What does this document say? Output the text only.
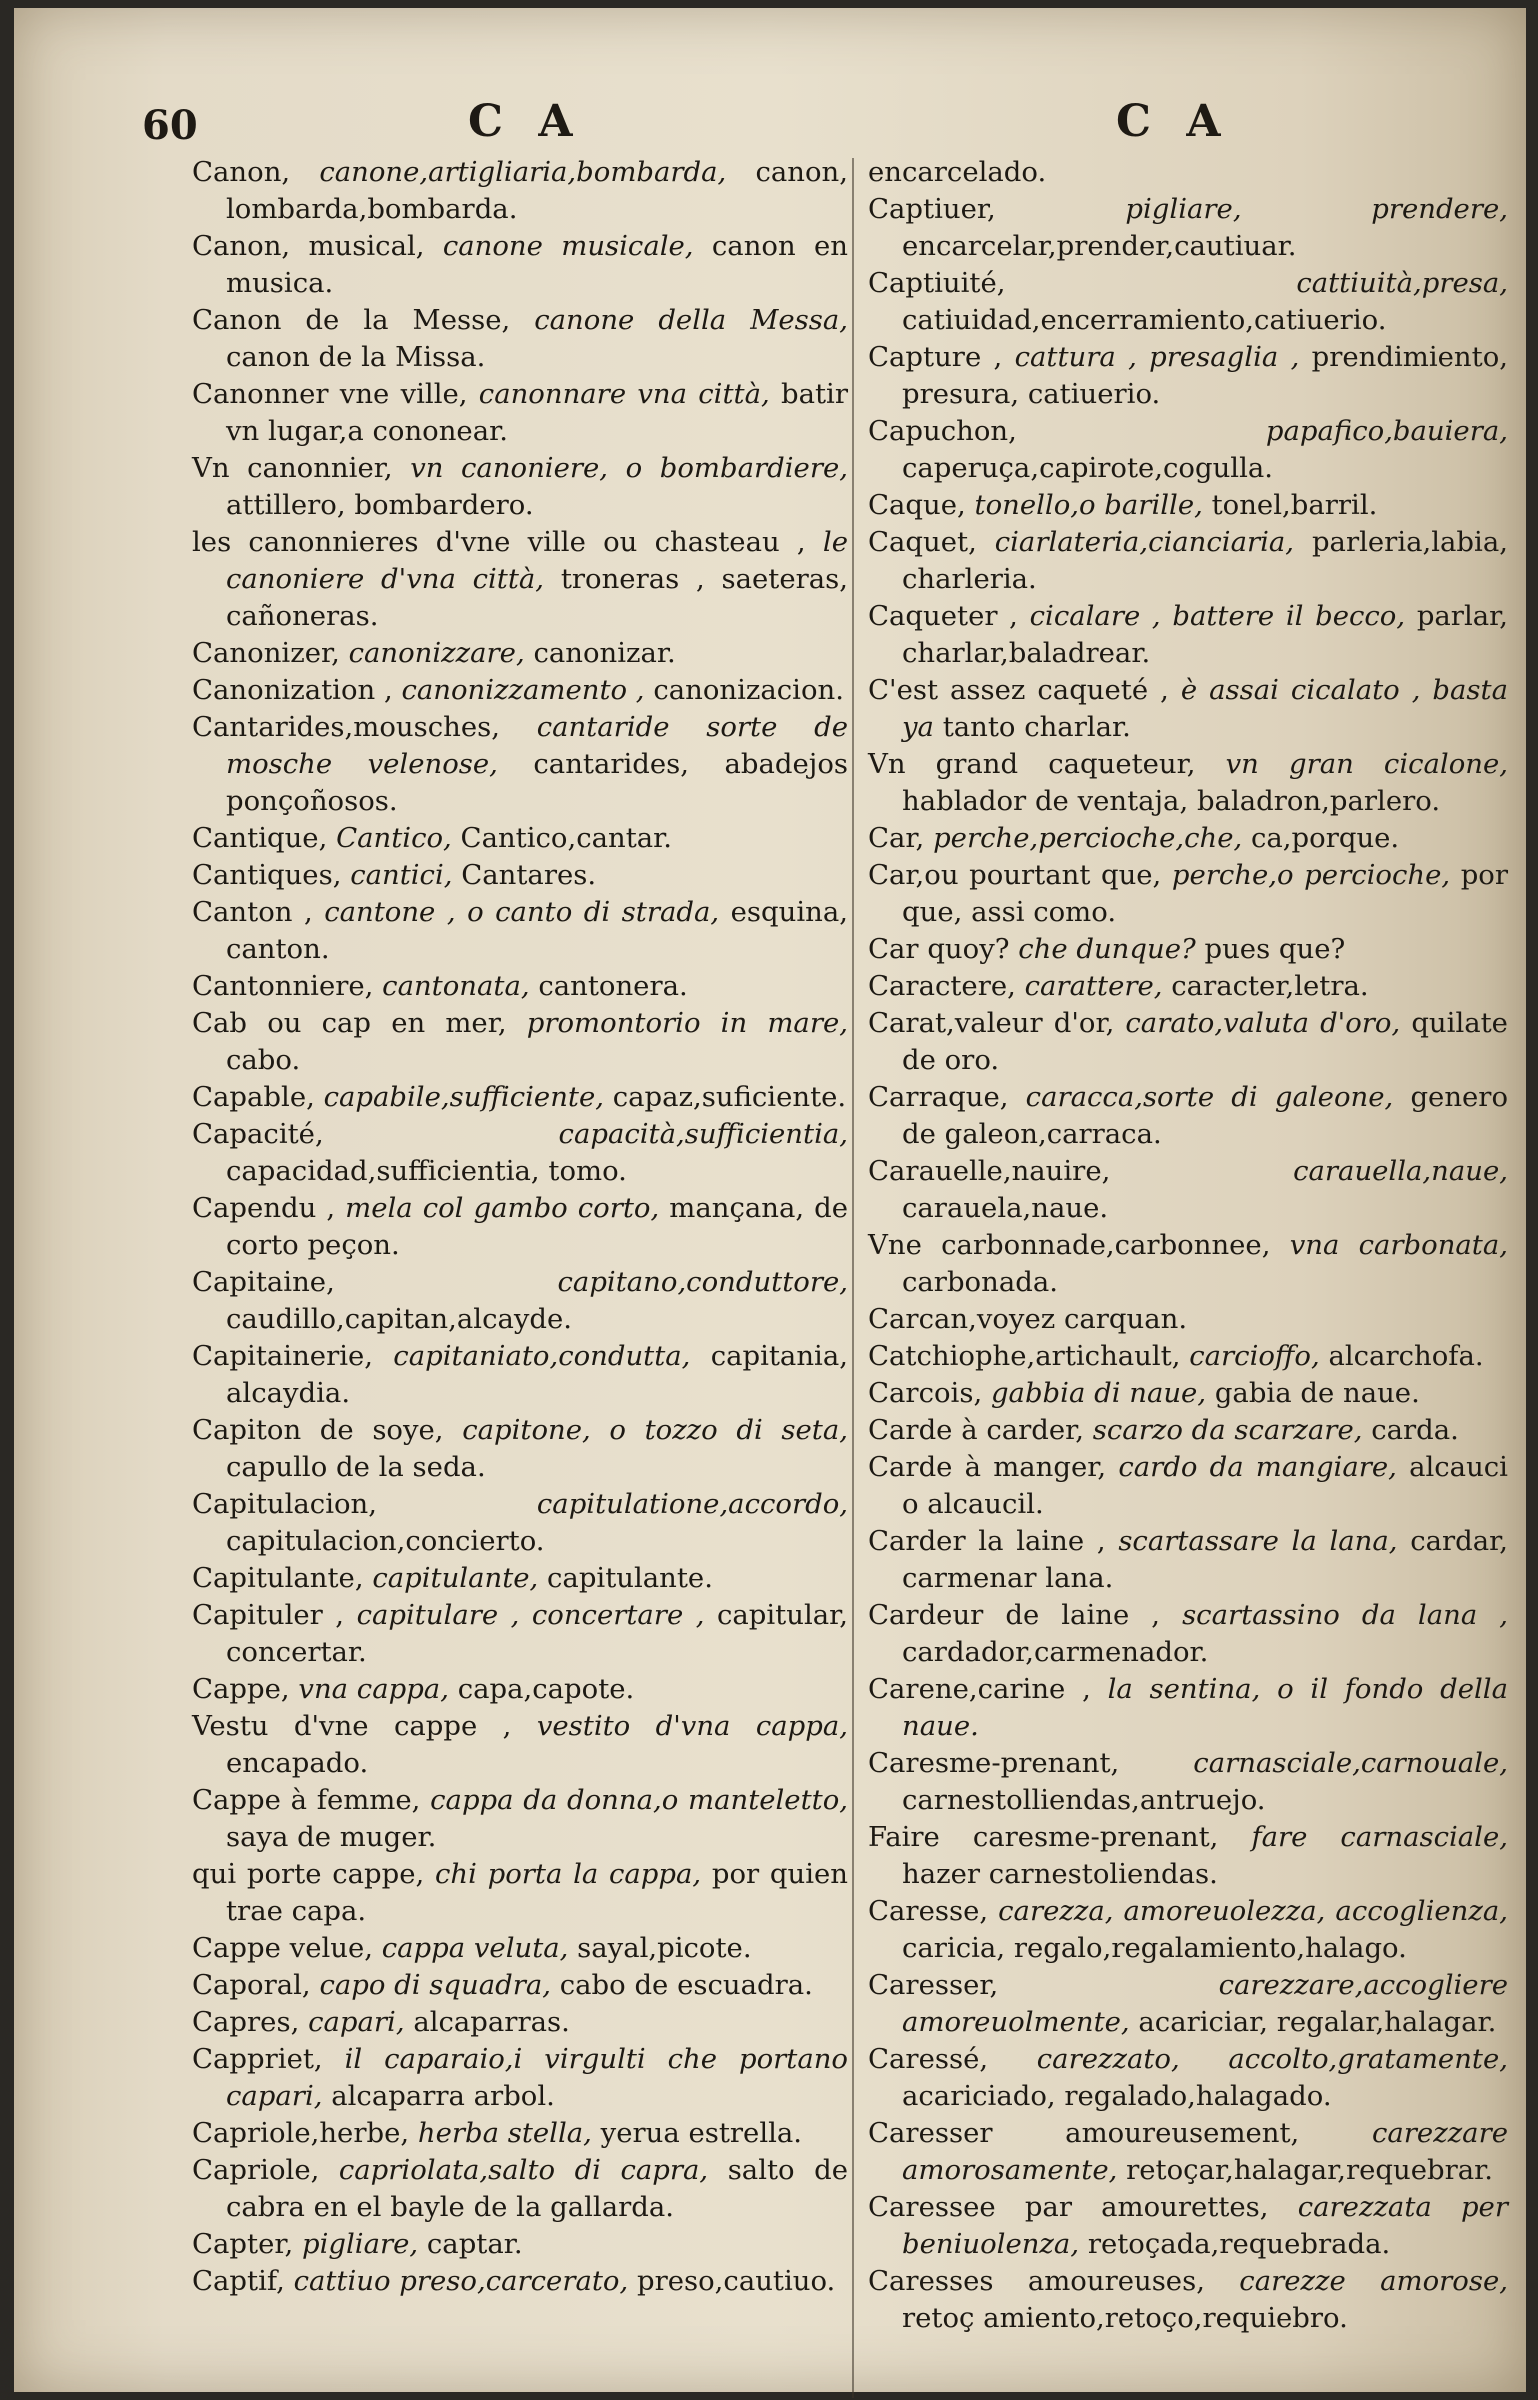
60	C A	C A
Canon, canone,artigliaria,bombarda, canon, lombarda,bombarda.
Canon, musical, canone musicale, canon en musica.
Canon de la Messe, canone della Messa, canon de la Missa.
Canonner vne ville, canonnare vna città, batir vn lugar,a cononear.
Vn canonnier, vn canoniere, o bombardiere, attillero, bombardero.
les canonnieres d'vne ville ou chasteau , le canoniere d'vna città, troneras , saeteras, cañoneras.
Canonizer, canonizzare, canonizar.
Canonization , canonizzamento , canonizacion.
Cantarides,mousches, cantaride sorte de mosche velenose, cantarides, abadejos ponçoñosos.
Cantique, Cantico, Cantico,cantar.
Cantiques, cantici, Cantares.
Canton , cantone , o canto di strada, esquina, canton.
Cantonniere, cantonata, cantonera.
Cab ou cap en mer, promontorio in mare, cabo.
Capable, capabile,sufficiente, capaz,suficiente.
Capacité,	capacità,sufficientia, capacidad,sufficientia, tomo.
Capendu , mela col gambo corto, mançana, de corto peçon.
Capitaine,	capitano,conduttore, caudillo,capitan,alcayde.
Capitainerie, capitaniato,condutta, capitania, alcaydia.
Capiton de soye, capitone, o tozzo di seta, capullo de la seda.
Capitulacion,	capitulatione,accordo, capitulacion,concierto.
Capitulante, capitulante, capitulante.
Capituler , capitulare , concertare , capitular, concertar.
Cappe, vna cappa, capa,capote.
Vestu d'vne cappe , vestito d'vna cappa, encapado.
Cappe à femme, cappa da donna,o manteletto, saya de muger.
qui porte cappe, chi porta la cappa, por quien trae capa.
Cappe velue, cappa veluta, sayal,picote.
Caporal, capo di squadra, cabo de escuadra.
Capres, capari, alcaparras.
Cappriet, il caparaio,i virgulti che portano capari, alcaparra arbol.
Capriole,herbe, herba stella, yerua estrella.
Capriole, capriolata,salto di capra, salto de cabra en el bayle de la gallarda.
Capter, pigliare, captar.
Captif, cattiuo preso,carcerato, preso,cautiuo.
encarcelado.
Captiuer,	pigliare, prendere, encarcelar,prender,cautiuar.
Captiuité,	cattiuità,presa, catiuidad,encerramiento,catiuerio.
Capture , cattura , presaglia , prendimiento, presura, catiuerio.
Capuchon,	papafico,bauiera, caperuça,capirote,cogulla.
Caque, tonello,o barille, tonel,barril.
Caquet, ciarlateria,cianciaria, parleria,labia, charleria.
Caqueter , cicalare , battere il becco, parlar, charlar,baladrear.
C'est assez caqueté , è assai cicalato , basta ya tanto charlar.
Vn grand caqueteur, vn gran cicalone, hablador de ventaja, baladron,parlero.
Car, perche,percioche,che, ca,porque.
Car,ou pourtant que, perche,o percioche, por que, assi como.
Car quoy? che dunque? pues que?
Caractere, carattere, caracter,letra.
Carat,valeur d'or, carato,valuta d'oro, quilate de oro.
Carraque, caracca,sorte di galeone, genero de galeon,carraca.
Carauelle,nauire,	carauella,naue, carauela,naue.
Vne carbonnade,carbonnee, vna carbonata, carbonada.
Carcan,voyez carquan.
Catchiophe,artichault, carcioffo, alcarchofa.
Carcois, gabbia di naue, gabia de naue.
Carde à carder, scarzo da scarzare, carda.
Carde à manger, cardo da mangiare, alcauci o alcaucil.
Carder la laine , scartassare la lana, cardar, carmenar lana.
Cardeur de laine , scartassino da lana , cardador,carmenador.
Carene,carine , la sentina, o il fondo della naue.
Caresme-prenant,	carnasciale,carnouale, carnestolliendas,antruejo.
Faire caresme-prenant, fare carnasciale, hazer carnestoliendas.
Caresse, carezza, amoreuolezza, accoglienza, caricia, regalo,regalamiento,halago.
Caresser,	carezzare,accogliere amoreuolmente, acariciar, regalar,halagar.
Caressé, carezzato, accolto,gratamente, acariciado, regalado,halagado.
Caresser amoureusement,	carezzare amorosamente, retoçar,halagar,requebrar.
Caressee par amourettes, carezzata per beniuolenza, retoçada,requebrada.
Caresses amoureuses, carezze amorose, retoç amiento,retoço,requiebro.
